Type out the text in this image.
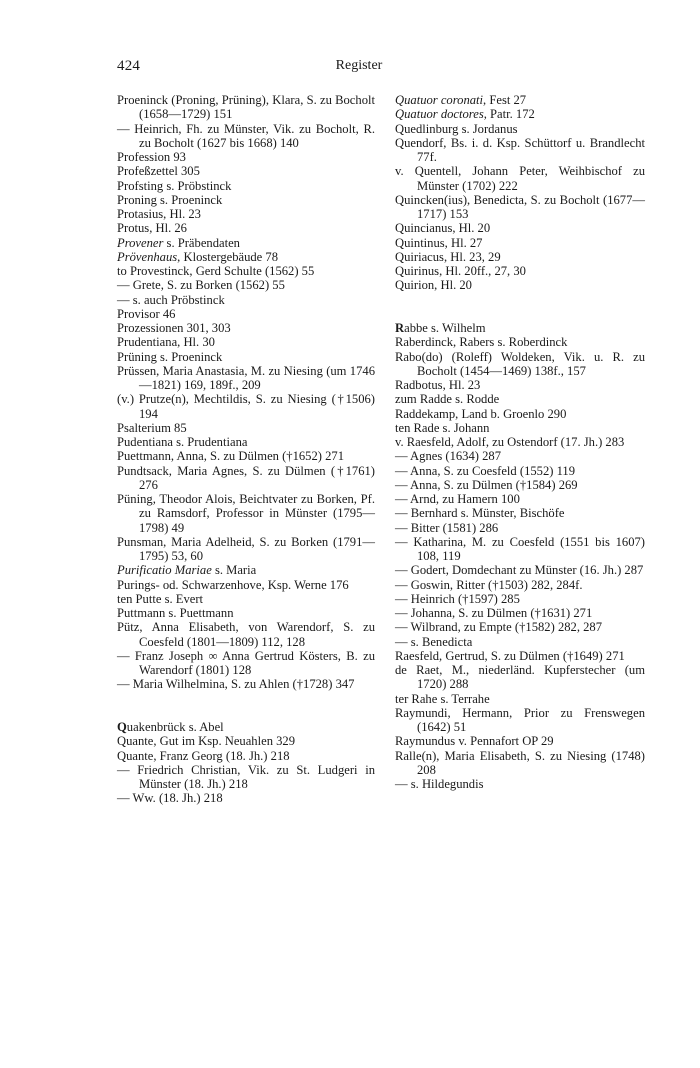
424	Register
Proeninck (Proning, Prüning), Klara, S. zu Bocholt (1658—1729) 151
— Heinrich, Fh. zu Münster, Vik. zu Bocholt, R. zu Bocholt (1627 bis 1668) 140
Profession 93
Profeßzettel 305
Profsting s. Pröbstinck
Proning s. Proeninck
Protasius, Hl. 23
Protus, Hl. 26
Provener s. Präbendaten
Prövenhaus, Klostergebäude 78
to Provestinck, Gerd Schulte (1562) 55
— Grete, S. zu Borken (1562) 55
— s. auch Pröbstinck
Provisor 46
Prozessionen 301, 303
Prudentiana, Hl. 30
Prüning s. Proeninck
Prüssen, Maria Anastasia, M. zu Niesing (um 1746—1821) 169, 189f., 209
(v.) Prutze(n), Mechtildis, S. zu Niesing (†1506) 194
Psalterium 85
Pudentiana s. Prudentiana
Puettmann, Anna, S. zu Dülmen (†1652) 271
Pundtsack, Maria Agnes, S. zu Dülmen (†1761) 276
Püning, Theodor Alois, Beichtvater zu Borken, Pf. zu Ramsdorf, Professor in Münster (1795—1798) 49
Punsman, Maria Adelheid, S. zu Borken (1791—1795) 53, 60
Purificatio Mariae s. Maria
Purings- od. Schwarzenhove, Ksp. Werne 176
ten Putte s. Evert
Puttmann s. Puettmann
Pütz, Anna Elisabeth, von Warendorf, S. zu Coesfeld (1801—1809) 112, 128
— Franz Joseph ∞ Anna Gertrud Kösters, B. zu Warendorf (1801) 128
— Maria Wilhelmina, S. zu Ahlen (†1728) 347
Quakenbrück s. Abel
Quante, Gut im Ksp. Neuahlen 329
Quante, Franz Georg (18. Jh.) 218
— Friedrich Christian, Vik. zu St. Ludgeri in Münster (18. Jh.) 218
— Ww. (18. Jh.) 218
Quatuor coronati, Fest 27
Quatuor doctores, Patr. 172
Quedlinburg s. Jordanus
Quendorf, Bs. i. d. Ksp. Schüttorf u. Brandlecht 77f.
v. Quentell, Johann Peter, Weihbischof zu Münster (1702) 222
Quincken(ius), Benedicta, S. zu Bocholt (1677—1717) 153
Quincianus, Hl. 20
Quintinus, Hl. 27
Quiriacus, Hl. 23, 29
Quirinus, Hl. 20ff., 27, 30
Quirion, Hl. 20
Rabbe s. Wilhelm
Raberdinck, Rabers s. Roberdinck
Rabo(do) (Roleff) Woldeken, Vik. u. R. zu Bocholt (1454—1469) 138f., 157
Radbotus, Hl. 23
zum Radde s. Rodde
Raddekamp, Land b. Groenlo 290
ten Rade s. Johann
v. Raesfeld, Adolf, zu Ostendorf (17. Jh.) 283
— Agnes (1634) 287
— Anna, S. zu Coesfeld (1552) 119
— Anna, S. zu Dülmen (†1584) 269
— Arnd, zu Hamern 100
— Bernhard s. Münster, Bischöfe
— Bitter (1581) 286
— Katharina, M. zu Coesfeld (1551 bis 1607) 108, 119
— Godert, Domdechant zu Münster (16. Jh.) 287
— Goswin, Ritter (†1503) 282, 284f.
— Heinrich (†1597) 285
— Johanna, S. zu Dülmen (†1631) 271
— Wilbrand, zu Empte (†1582) 282, 287
— s. Benedicta
Raesfeld, Gertrud, S. zu Dülmen (†1649) 271
de Raet, M., niederländ. Kupferstecher (um 1720) 288
ter Rahe s. Terrahe
Raymundi, Hermann, Prior zu Frenswegen (1642) 51
Raymundus v. Pennafort OP 29
Ralle(n), Maria Elisabeth, S. zu Niesing (1748) 208
— s. Hildegundis
